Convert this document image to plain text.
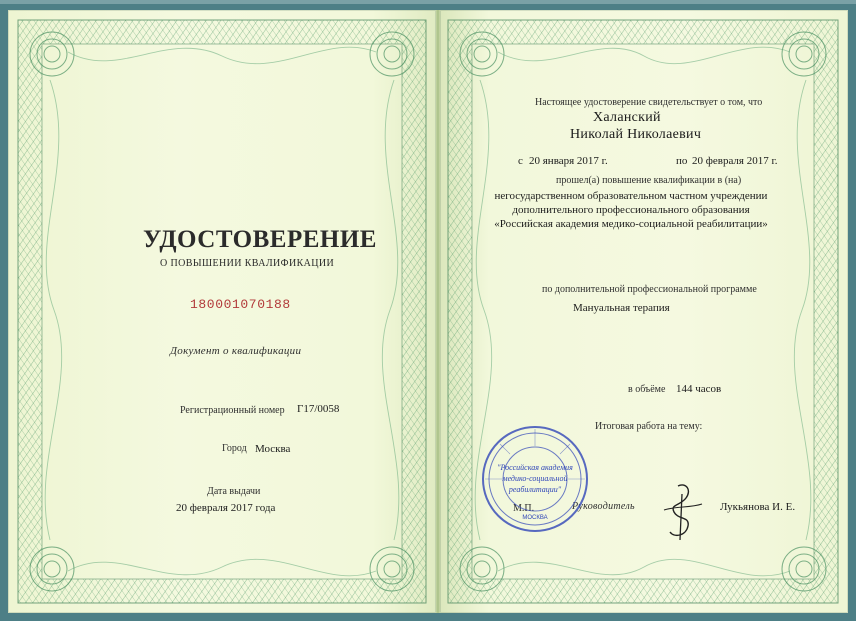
УДОСТОВЕРЕНИЕ
О ПОВЫШЕНИИ КВАЛИФИКАЦИИ
180001070188
Документ о квалификации
Регистрационный номер Г17/0058
Город Москва
Дата выдачи
20 февраля 2017 года
Настоящее удостоверение свидетельствует о том, что
Халанский
Николай Николаевич
с 20 января 2017 г.	по 20 февраля 2017 г.
прошел(а) повышение квалификации в (на)
негосударственном образовательном частном учреждении
дополнительного профессионального образования
«Российская академия медико-социальной реабилитации»
по дополнительной профессиональной программе
Мануальная терапия
в объёме 144 часов
Итоговая работа на тему:
М.П.	Руководитель	Лукьянова И. Е.
"Российская академия
медико-социальной
реабилитации"
МОСКВА
